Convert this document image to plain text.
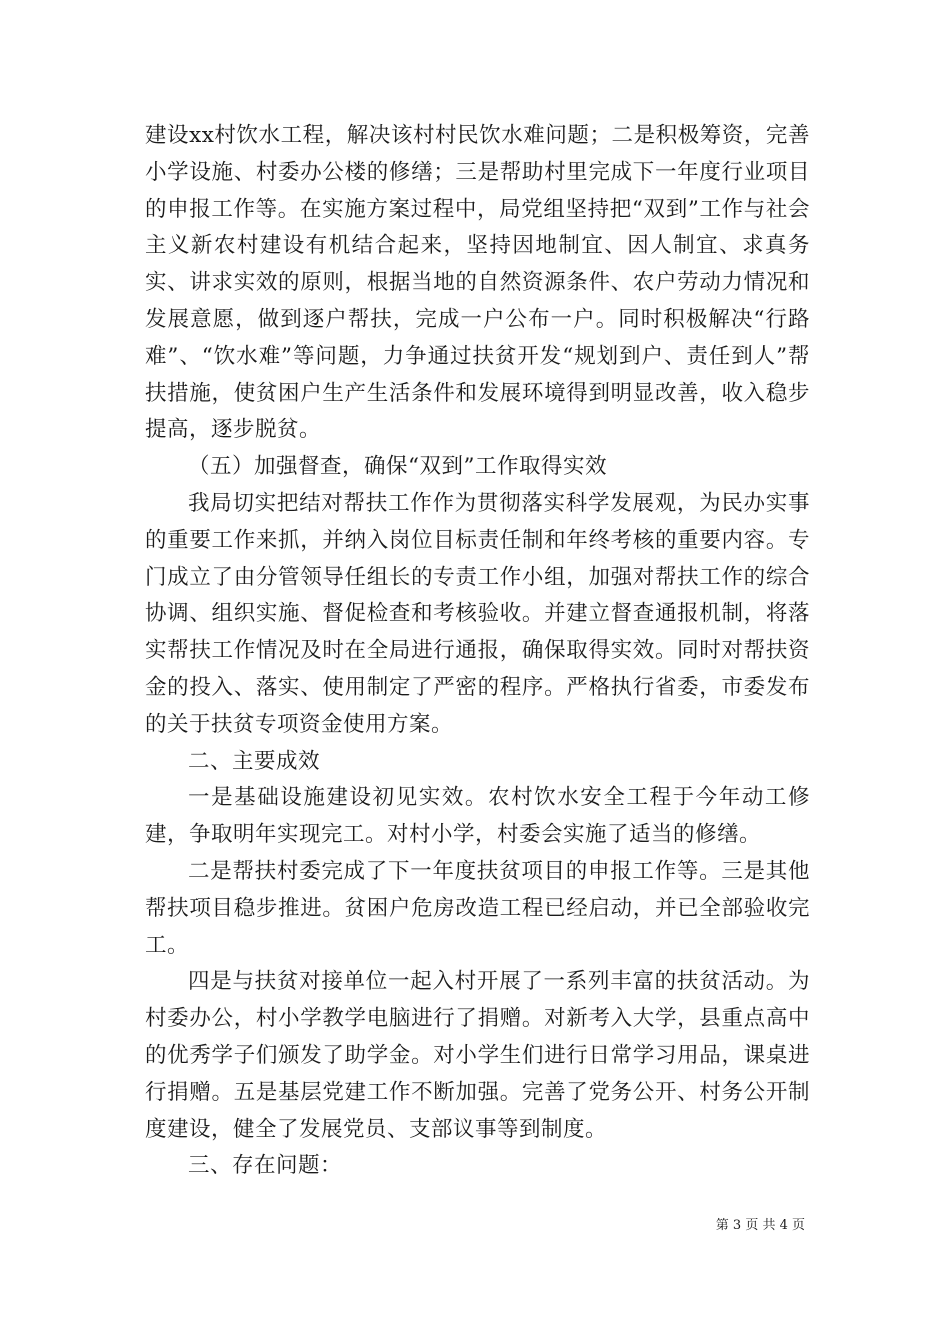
建设xx村饮水工程，解决该村村民饮水难问题；二是积极筹资，完善小学设施、村委办公楼的修缮；三是帮助村里完成下一年度行业项目的申报工作等。在实施方案过程中，局党组坚持把“双到”工作与社会主义新农村建设有机结合起来，坚持因地制宜、因人制宜、求真务实、讲求实效的原则，根据当地的自然资源条件、农户劳动力情况和发展意愿，做到逐户帮扶，完成一户公布一户。同时积极解决“行路难”、“饮水难”等问题，力争通过扶贫开发“规划到户、责任到人”帮扶措施，使贫困户生产生活条件和发展环境得到明显改善，收入稳步提高，逐步脱贫。

（五）加强督查，确保“双到”工作取得实效

我局切实把结对帮扶工作作为贯彻落实科学发展观，为民办实事的重要工作来抓，并纳入岗位目标责任制和年终考核的重要内容。专门成立了由分管领导任组长的专责工作小组，加强对帮扶工作的综合协调、组织实施、督促检查和考核验收。并建立督查通报机制，将落实帮扶工作情况及时在全局进行通报，确保取得实效。同时对帮扶资金的投入、落实、使用制定了严密的程序。严格执行省委，市委发布的关于扶贫专项资金使用方案。

二、主要成效

一是基础设施建设初见实效。农村饮水安全工程于今年动工修建，争取明年实现完工。对村小学，村委会实施了适当的修缮。

二是帮扶村委完成了下一年度扶贫项目的申报工作等。三是其他帮扶项目稳步推进。贫困户危房改造工程已经启动，并已全部验收完工。

四是与扶贫对接单位一起入村开展了一系列丰富的扶贫活动。为村委办公，村小学教学电脑进行了捐赠。对新考入大学，县重点高中的优秀学子们颁发了助学金。对小学生们进行日常学习用品，课桌进行捐赠。五是基层党建工作不断加强。完善了党务公开、村务公开制度建设，健全了发展党员、支部议事等到制度。

三、存在问题：

第 3 页 共 4 页
